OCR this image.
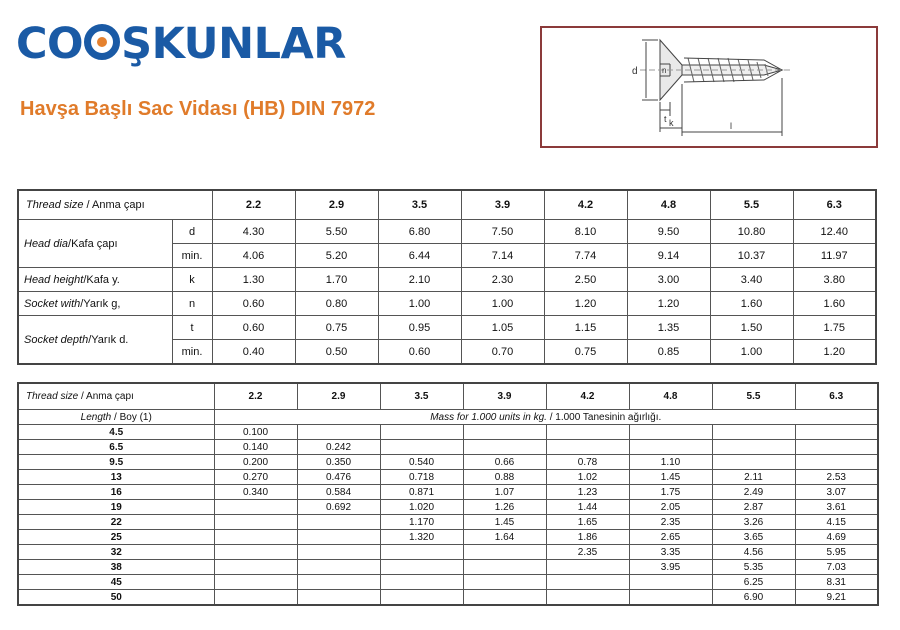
CO ŞKUNLAR
Havşa Başlı Sac Vidası (HB) DIN 7972
d	n
t k	l
Thread size / Anma çapı		2.2	2.9	3.5	3.9	4.2	4.8	5.5	6.3
Head dia/Kafa çapı	d	4.30	5.50	6.80	7.50	8.10	9.50	10.80	12.40
	min.	4.06	5.20	6.44	7.14	7.74	9.14	10.37	11.97
Head height/Kafa y.	k	1.30	1.70	2.10	2.30	2.50	3.00	3.40	3.80
Socket with/Yarık g,	n	0.60	0.80	1.00	1.00	1.20	1.20	1.60	1.60
Socket depth/Yarık d.	t	0.60	0.75	0.95	1.05	1.15	1.35	1.50	1.75
	min.	0.40	0.50	0.60	0.70	0.75	0.85	1.00	1.20
Thread size / Anma çapı	2.2	2.9	3.5	3.9	4.2	4.8	5.5	6.3
Length / Boy (1)	Mass for 1.000 units in kg. / 1.000 Tanesinin ağırlığı.							
4.5	0.100							
6.5	0.140	0.242						
9.5	0.200	0.350	0.540	0.66	0.78	1.10		
13	0.270	0.476	0.718	0.88	1.02	1.45	2.11	2.53
16	0.340	0.584	0.871	1.07	1.23	1.75	2.49	3.07
19		0.692	1.020	1.26	1.44	2.05	2.87	3.61
22			1.170	1.45	1.65	2.35	3.26	4.15
25			1.320	1.64	1.86	2.65	3.65	4.69
32					2.35	3.35	4.56	5.95
38						3.95	5.35	7.03
45							6.25	8.31
50							6.90	9.21
